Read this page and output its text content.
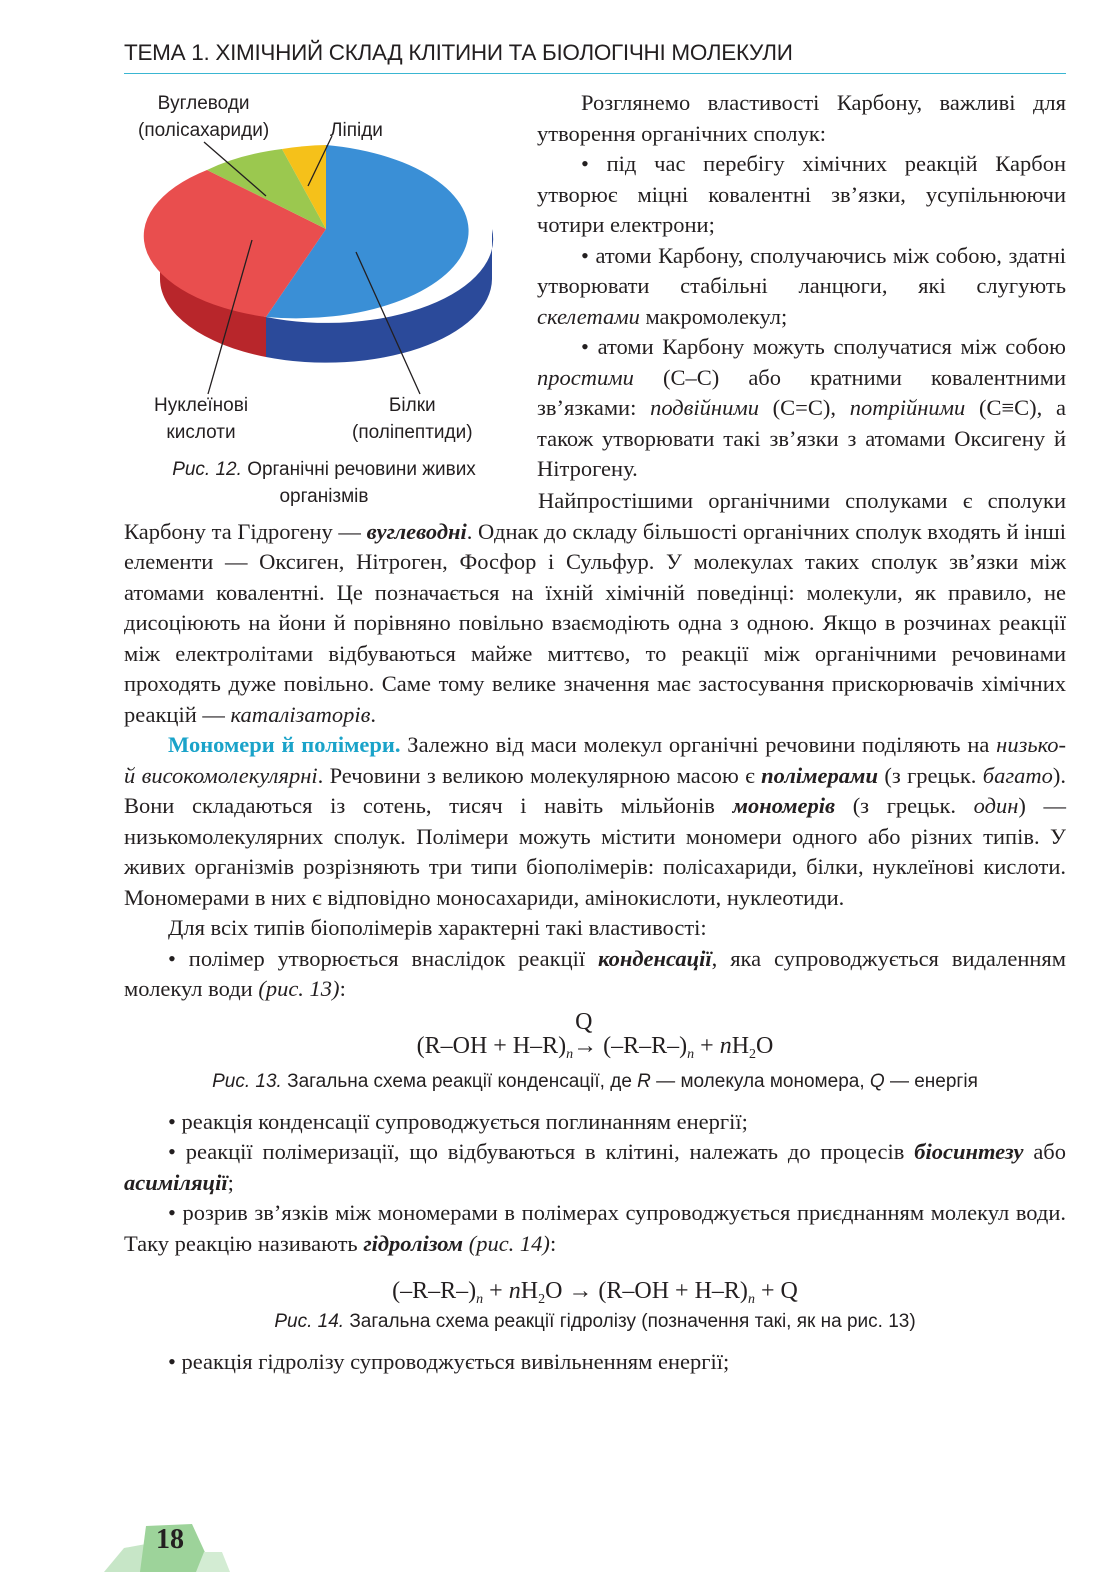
ТЕМА 1. ХІМІЧНИЙ СКЛАД КЛІТИНИ ТА БІОЛОГІЧНІ МОЛЕКУЛИ
Вуглеводи
(полісахариди)	Ліпіди
Нуклеїнові
кислоти
Білки
(поліпептиди)
Рис. 12. Органічні речовини живих
організмів

Розглянемо властивості Карбону, важливі для утворення органічних сполук:

• під час перебігу хімічних реакцій Карбон утворює міцні ковалентні зв’язки, усупільнюючи чотири електрони;

• атоми Карбону, сполучаючись між собою, здатні утворювати стабільні ланцюги, які слугують скелетами макромолекул;

• атоми Карбону можуть сполучатися між собою простими (С–С) або кратними ковалентними зв’язками: подвійними (С=С), потрійними (С≡С), а також утворювати такі зв’язки з атомами Оксигену й Нітрогену.

Найпростішими органічними сполуками є сполуки Карбону та Гідрогену — вуглеводні. Однак до складу більшості органічних сполук входять й інші елементи — Оксиген, Нітроген, Фосфор і Сульфур. У молекулах таких сполук зв’язки між атомами ковалентні. Це позначається на їхній хімічній поведінці: молекули, як правило, не дисоціюють на йони й порівняно повільно взаємодіють одна з одною. Якщо в розчинах реакції між електролітами відбуваються майже миттєво, то реакції між органічними речовинами проходять дуже повільно. Саме тому велике значення має застосування прискорювачів хімічних реакцій — каталізаторів.

Мономери й полімери. Залежно від маси молекул органічні речовини поділяють на низько- й високомолекулярні. Речовини з великою молекулярною масою є полімерами (з грецьк. багато). Вони складаються із сотень, тисяч і навіть мільйонів мономерів (з грецьк. один) — низькомолекулярних сполук. Полімери можуть містити мономери одного або різних типів. У живих організмів розрізняють три типи біополімерів: полісахариди, білки, нуклеїнові кислоти. Мономерами в них є відповідно моносахариди, амінокислоти, нуклеотиди.

Для всіх типів біополімерів характерні такі властивості:

• полімер утворюється внаслідок реакції конденсації, яка супроводжується видаленням молекул води (рис. 13):

$(R-OH + H-R)_n$
Q
→ $(-R-R-)_n + nH_2O$
Рис. 13. Загальна схема реакції конденсації, де R — молекула мономера, Q — енергія

• реакція конденсації супроводжується поглинанням енергії;

• реакції полімеризації, що відбуваються в клітині, належать до процесів біосинтезу або асиміляції;

• розрив зв’язків між мономерами в полімерах супроводжується приєднанням молекул води. Таку реакцію називають гідролізом (рис. 14):

$(-R-R-)_n + nH_2O \to (R-OH + H-R)_n + Q$
Рис. 14. Загальна схема реакції гідролізу (позначення такі, як на рис. 13)

• реакція гідролізу супроводжується вивільненням енергії;

18
